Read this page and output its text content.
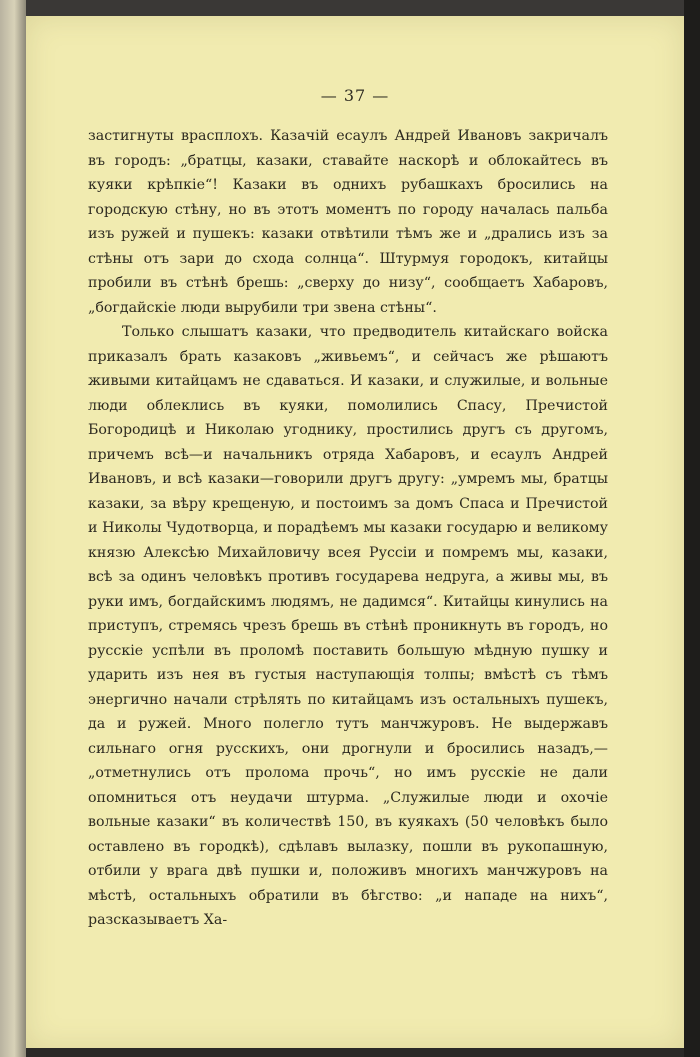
— 37 —

застигнуты врасплохъ. Казачій есаулъ Андрей Ивановъ закричалъ въ городъ: „братцы, казаки, ставайте наскорѣ и облокайтесь въ куяки крѣпкіе“! Казаки въ однихъ рубашкахъ бросились на городскую стѣну, но въ этотъ моментъ по городу началась пальба изъ ружей и пушекъ: казаки отвѣтили тѣмъ же и „дрались изъ за стѣны отъ зари до схода солнца“. Штурмуя городокъ, китайцы пробили въ стѣнѣ брешь: „сверху до низу“, сообщаетъ Хабаровъ, „богдайскіе люди вырубили три звена стѣны“.

Только слышатъ казаки, что предводитель китайскаго войска приказалъ брать казаковъ „живьемъ“, и сейчасъ же рѣшаютъ живыми китайцамъ не сдаваться. И казаки, и служилые, и вольные люди облеклись въ куяки, помолились Спасу, Пречистой Богородицѣ и Николаю угоднику, простились другъ съ другомъ, причемъ всѣ—и начальникъ отряда Хабаровъ, и есаулъ Андрей Ивановъ, и всѣ казаки—говорили другъ другу: „умремъ мы, братцы казаки, за вѣру крещеную, и постоимъ за домъ Спаса и Пречистой и Николы Чудотворца, и порадѣемъ мы казаки государю и великому князю Алексѣю Михайловичу всея Руссіи и помремъ мы, казаки, всѣ за одинъ человѣкъ противъ государева недруга, а живы мы, въ руки имъ, богдайскимъ людямъ, не дадимся“. Китайцы кинулись на приступъ, стремясь чрезъ брешь въ стѣнѣ проникнуть въ городъ, но русскіе успѣли въ проломѣ поставить большую мѣдную пушку и ударить изъ нея въ густыя наступающія толпы; вмѣстѣ съ тѣмъ энергично начали стрѣлять по китайцамъ изъ остальныхъ пушекъ, да и ружей. Много полегло тутъ манчжуровъ. Не выдержавъ сильнаго огня русскихъ, они дрогнули и бросились назадъ,—„отметнулись отъ пролома прочь“, но имъ русскіе не дали опомниться отъ неудачи штурма. „Служилые люди и охочіе вольные казаки“ въ количествѣ 150, въ куякахъ (50 человѣкъ было оставлено въ городкѣ), сдѣлавъ вылазку, пошли въ рукопашную, отбили у врага двѣ пушки и, положивъ многихъ манчжуровъ на мѣстѣ, остальныхъ обратили въ бѣгство: „и нападе на нихъ“, разсказываетъ Ха-
